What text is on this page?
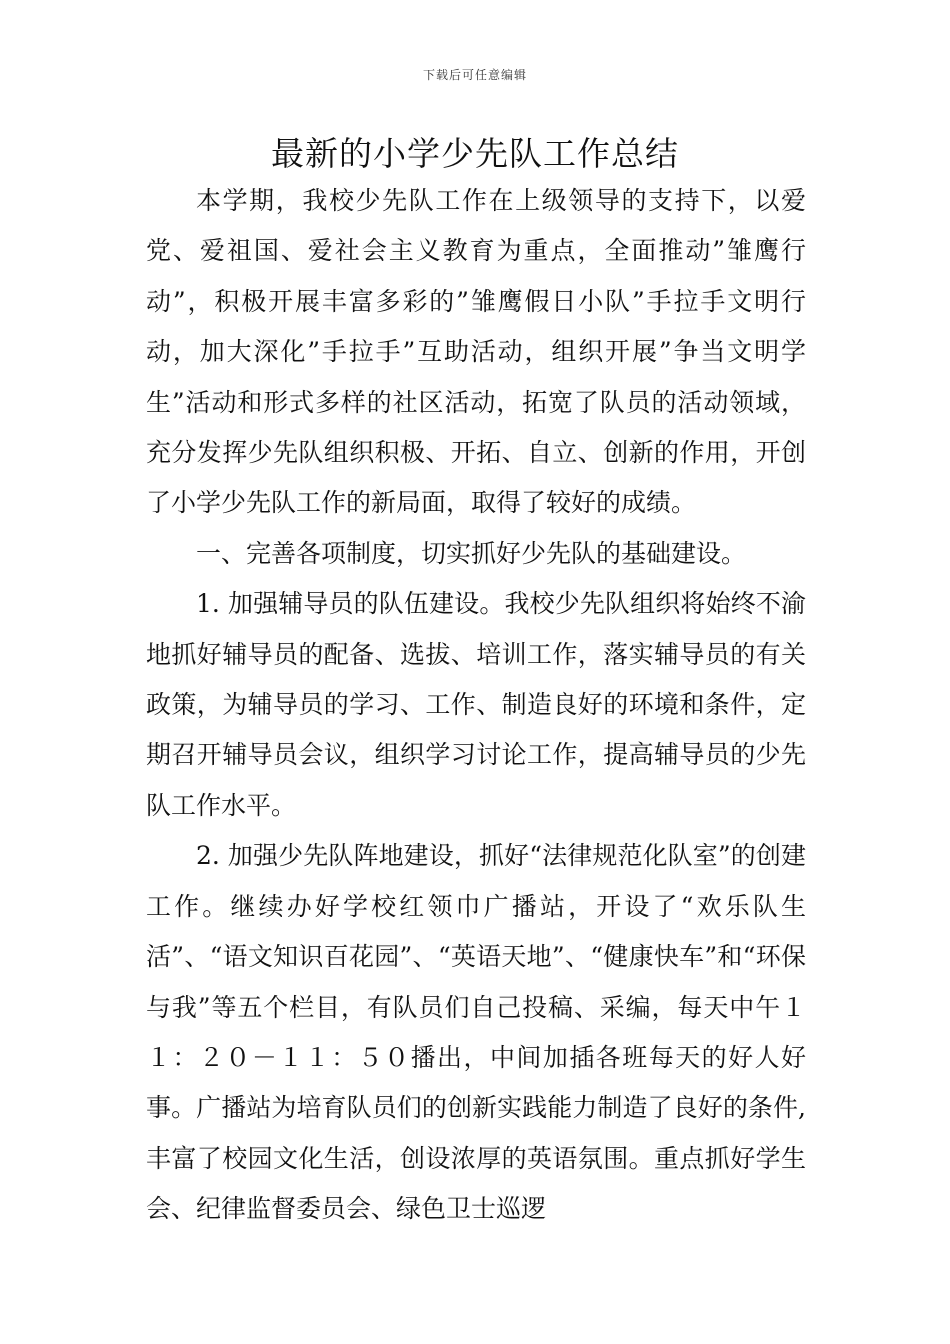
下载后可任意编辑
最新的小学少先队工作总结

本学期，我校少先队工作在上级领导的支持下，以爱党、爱祖国、爱社会主义教育为重点，全面推动”雏鹰行动”，积极开展丰富多彩的”雏鹰假日小队”手拉手文明行动，加大深化”手拉手”互助活动，组织开展”争当文明学生”活动和形式多样的社区活动，拓宽了队员的活动领域，充分发挥少先队组织积极、开拓、自立、创新的作用，开创了小学少先队工作的新局面，取得了较好的成绩。

一、完善各项制度，切实抓好少先队的基础建设。

1. 加强辅导员的队伍建设。我校少先队组织将始终不渝地抓好辅导员的配备、选拔、培训工作，落实辅导员的有关政策，为辅导员的学习、工作、制造良好的环境和条件，定期召开辅导员会议，组织学习讨论工作，提高辅导员的少先队工作水平。

2. 加强少先队阵地建设，抓好“法律规范化队室”的创建工作。继续办好学校红领巾广播站，开设了“欢乐队生活”、“语文知识百花园”、“英语天地”、“健康快车”和“环保与我”等五个栏目，有队员们自己投稿、采编，每天中午１１：２０－１１：５０播出，中间加插各班每天的好人好事。广播站为培育队员们的创新实践能力制造了良好的条件,丰富了校园文化生活，创设浓厚的英语氛围。重点抓好学生会、纪律监督委员会、绿色卫士巡逻
